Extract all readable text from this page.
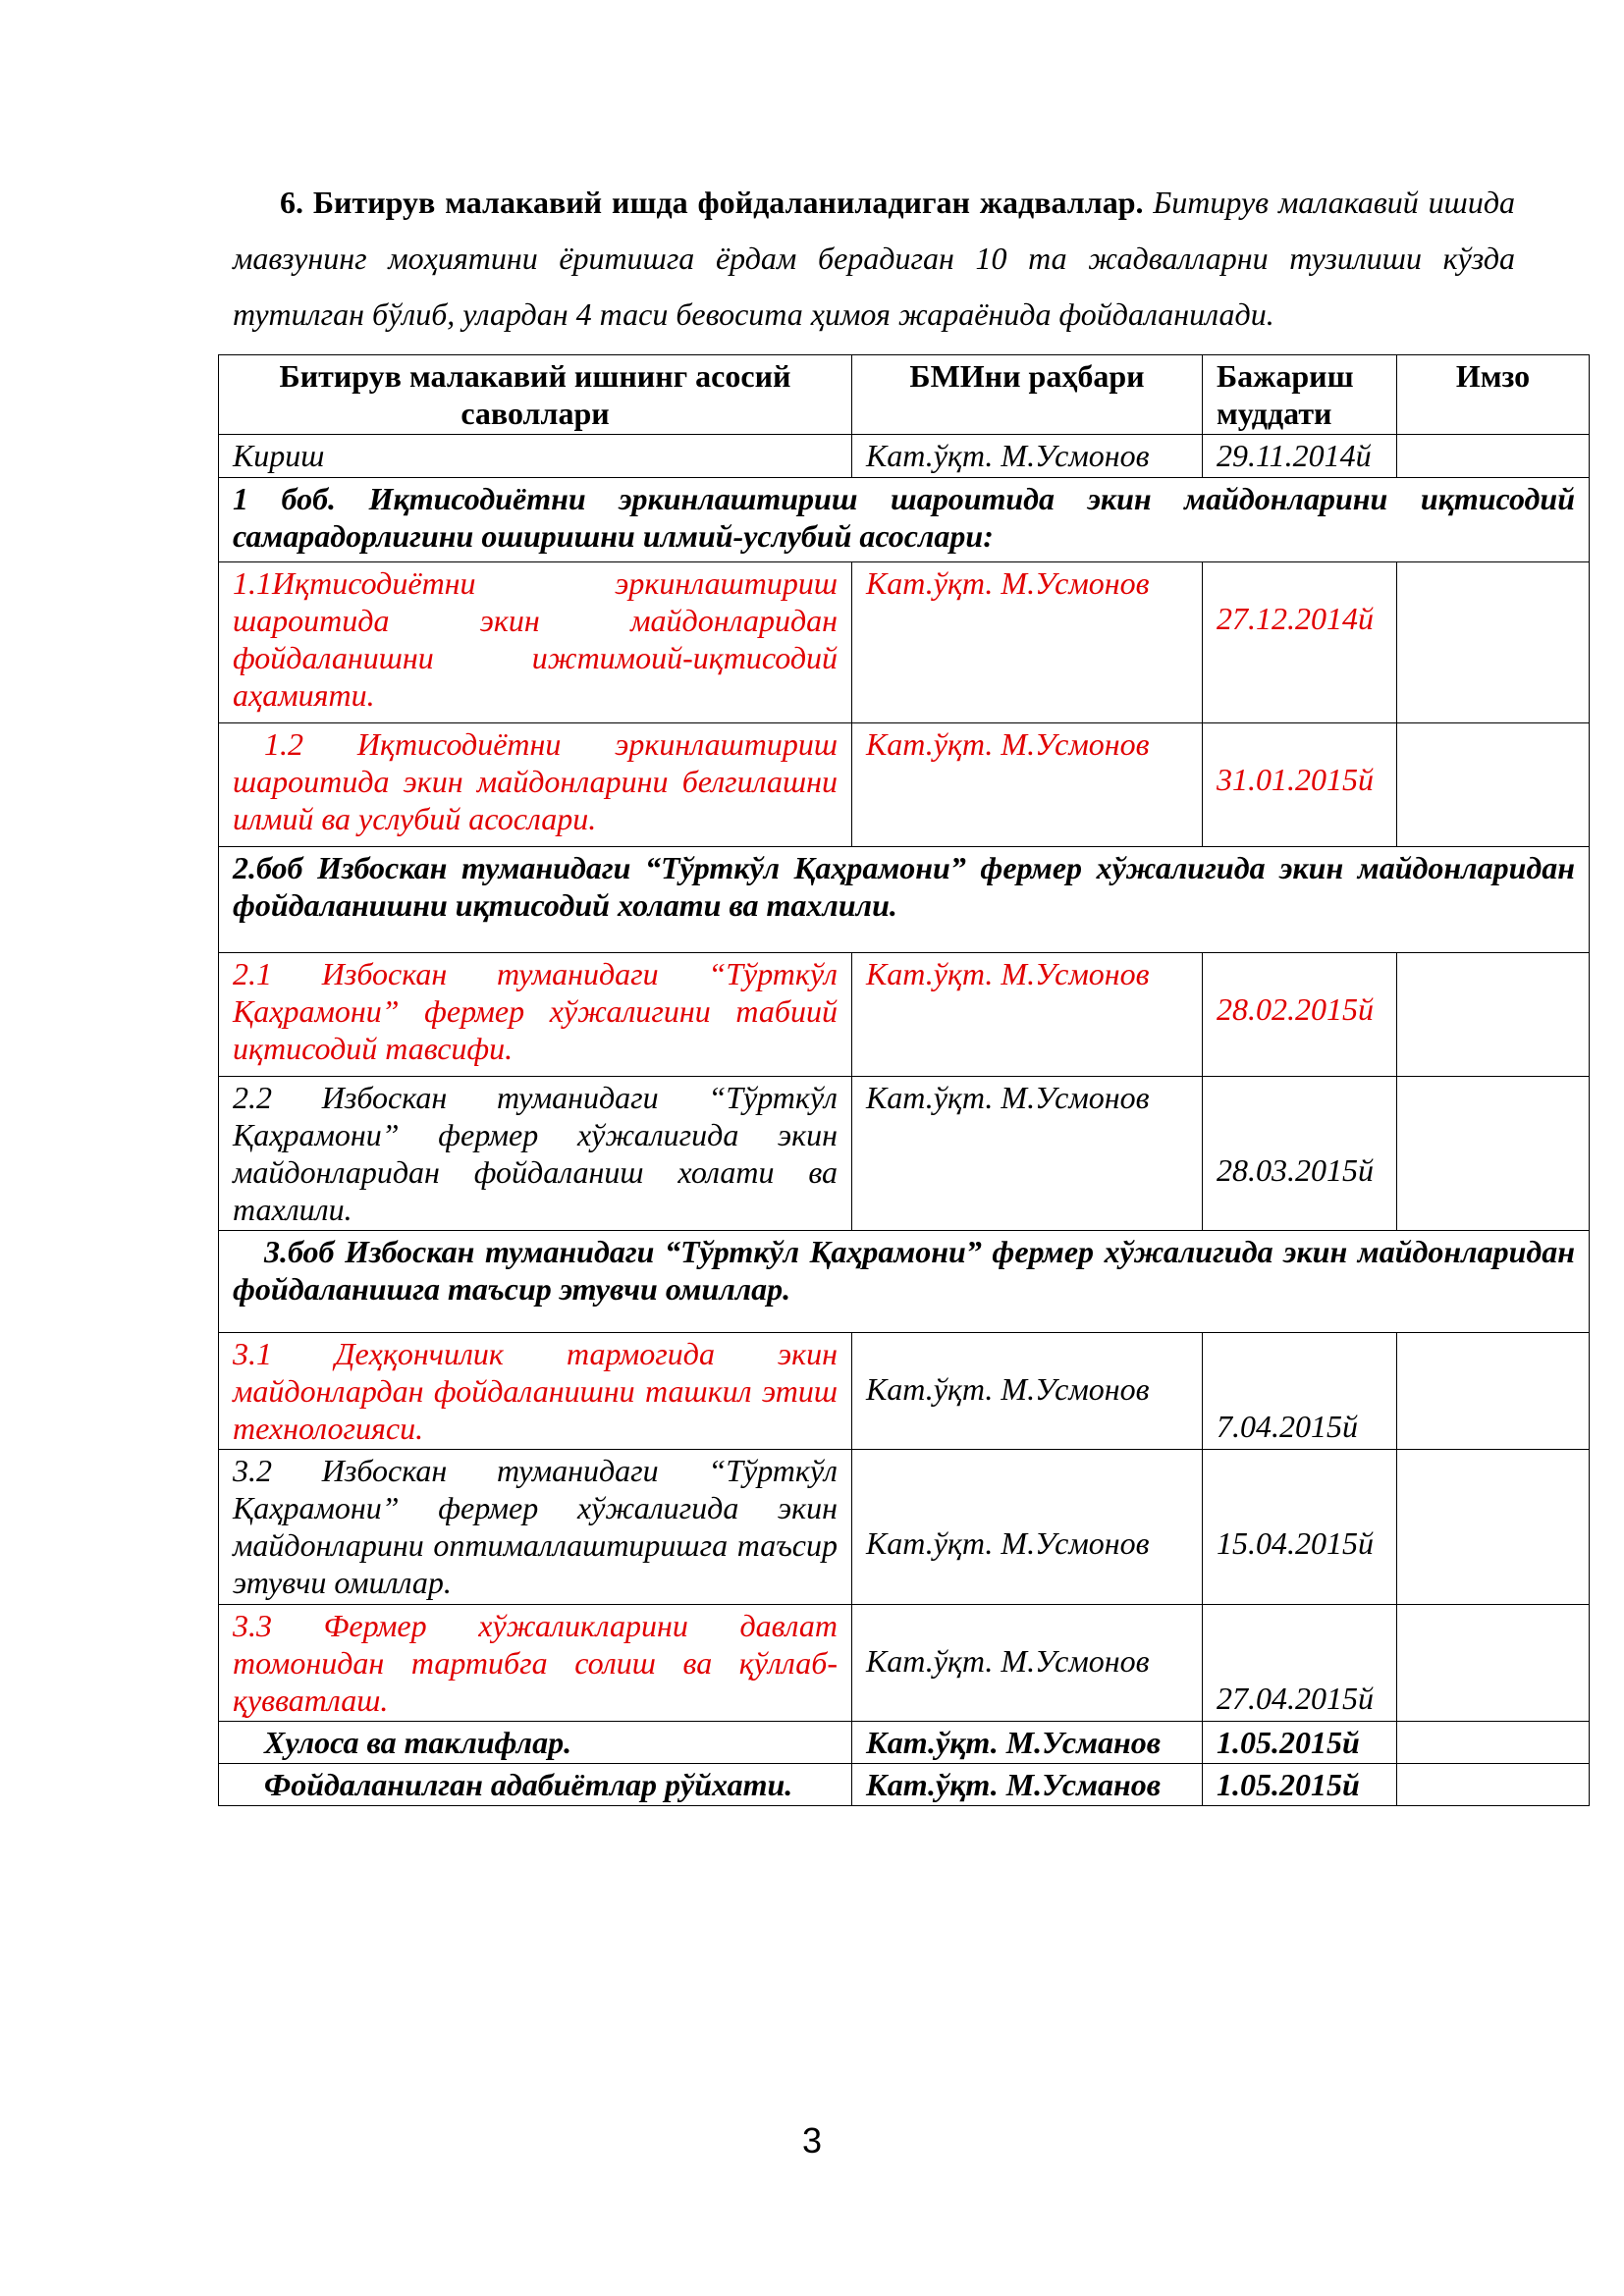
6. Битирув малакавий ишда фойдаланиладиган жадваллар. Битирув малакавий ишида мавзунинг моҳиятини ёритишга ёрдам берадиган 10 та жадвалларни тузилиши кўзда тутилган бўлиб, улардан 4 таси бевосита ҳимоя жараёнида фойдаланилади.
Битирув малакавий ишнинг асосий саволлари	БМИни раҳбари	Бажариш муддати	Имзо
Кириш	Кат.ўқт. М.Усмонов	29.11.2014й	
1 боб. Иқтисодиётни эркинлаштириш шароитида экин майдонларини иқтисодий самарадорлигини оширишни илмий-услубий асослари:			
1.1Иқтисодиётни эркинлаштириш шароитида экин майдонларидан фойдаланишни ижтимоий-иқтисодий аҳамияти.	Кат.ўқт. М.Усмонов	27.12.2014й	
1.2 Иқтисодиётни эркинлаштириш шароитида экин майдонларини белгилашни илмий ва услубий асослари.	Кат.ўқт. М.Усмонов	31.01.2015й	
2.боб Избоскан туманидаги “Тўрткўл Қаҳрамони” фермер хўжалигида экин майдонларидан фойдаланишни иқтисодий холати ва тахлили.			
2.1 Избоскан туманидаги “Тўрткўл Қаҳрамони” фермер хўжалигини табиий иқтисодий тавсифи.	Кат.ўқт. М.Усмонов	28.02.2015й	
2.2 Избоскан туманидаги “Тўрткўл Қаҳрамони” фермер хўжалигида экин майдонларидан фойдаланиш холати ва тахлили.	Кат.ўқт. М.Усмонов	28.03.2015й	
3.боб Избоскан туманидаги “Тўрткўл Қаҳрамони” фермер хўжалигида экин майдонларидан фойдаланишга таъсир этувчи омиллар.			
3.1 Деҳқончилик тармогида экин майдонлардан фойдаланишни ташкил этиш технологияси.	Кат.ўқт. М.Усмонов	7.04.2015й	
3.2 Избоскан туманидаги “Тўрткўл Қаҳрамони” фермер хўжалигида экин майдонларини оптималлаштиришга таъсир этувчи омиллар.	Кат.ўқт. М.Усмонов	15.04.2015й	
3.3 Фермер хўжаликларини давлат томонидан тартибга солиш ва қўллаб-қувватлаш.	Кат.ўқт. М.Усмонов	27.04.2015й	
Хулоса ва таклифлар.	Кат.ўқт. М.Усманов	1.05.2015й	
Фойдаланилган адабиётлар рўйхати.	Кат.ўқт. М.Усманов	1.05.2015й	
3
